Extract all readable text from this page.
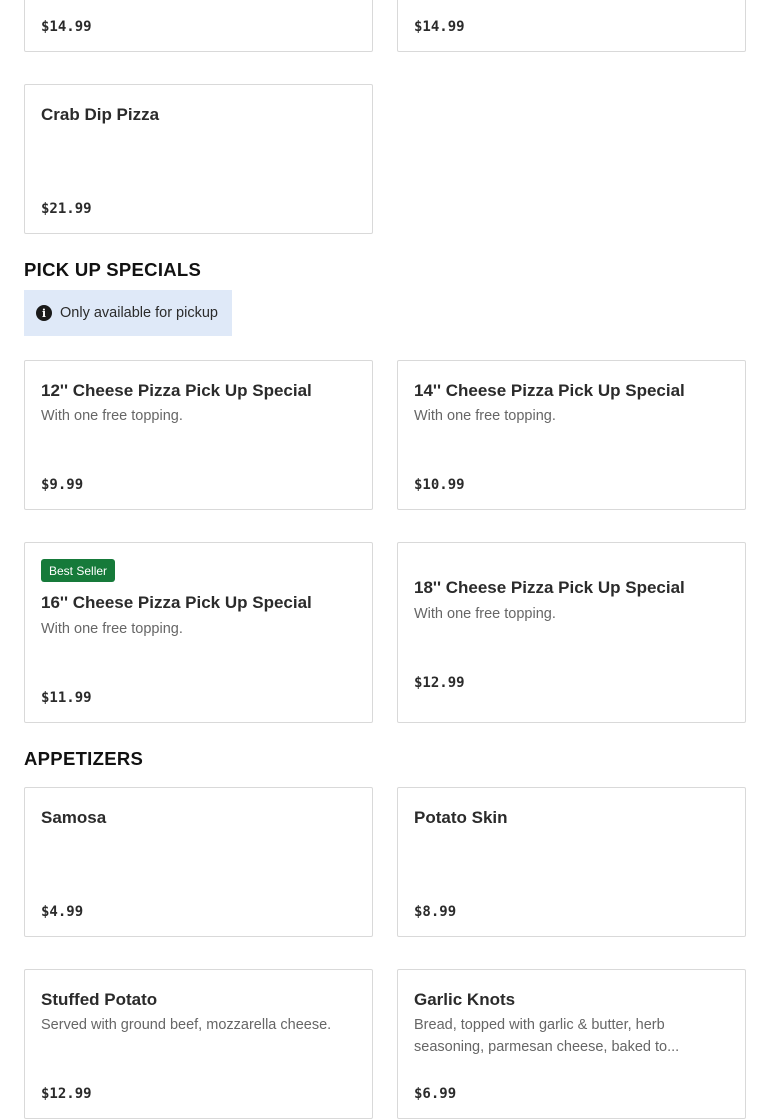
$14.99	$14.99
Crab Dip Pizza
$21.99
PICK UP SPECIALS
i Only available for pickup
12'' Cheese Pizza Pick Up Special
With one free topping.
$9.99
14'' Cheese Pizza Pick Up Special
With one free topping.
$10.99
Best Seller
16'' Cheese Pizza Pick Up Special
With one free topping.
$11.99
18'' Cheese Pizza Pick Up Special
With one free topping.
$12.99
APPETIZERS
Samosa
$4.99
Potato Skin
$8.99
Stuffed Potato
Served with ground beef, mozzarella cheese.
$12.99
Garlic Knots
Bread, topped with garlic & butter, herb seasoning, parmesan cheese, baked to...
$6.99
